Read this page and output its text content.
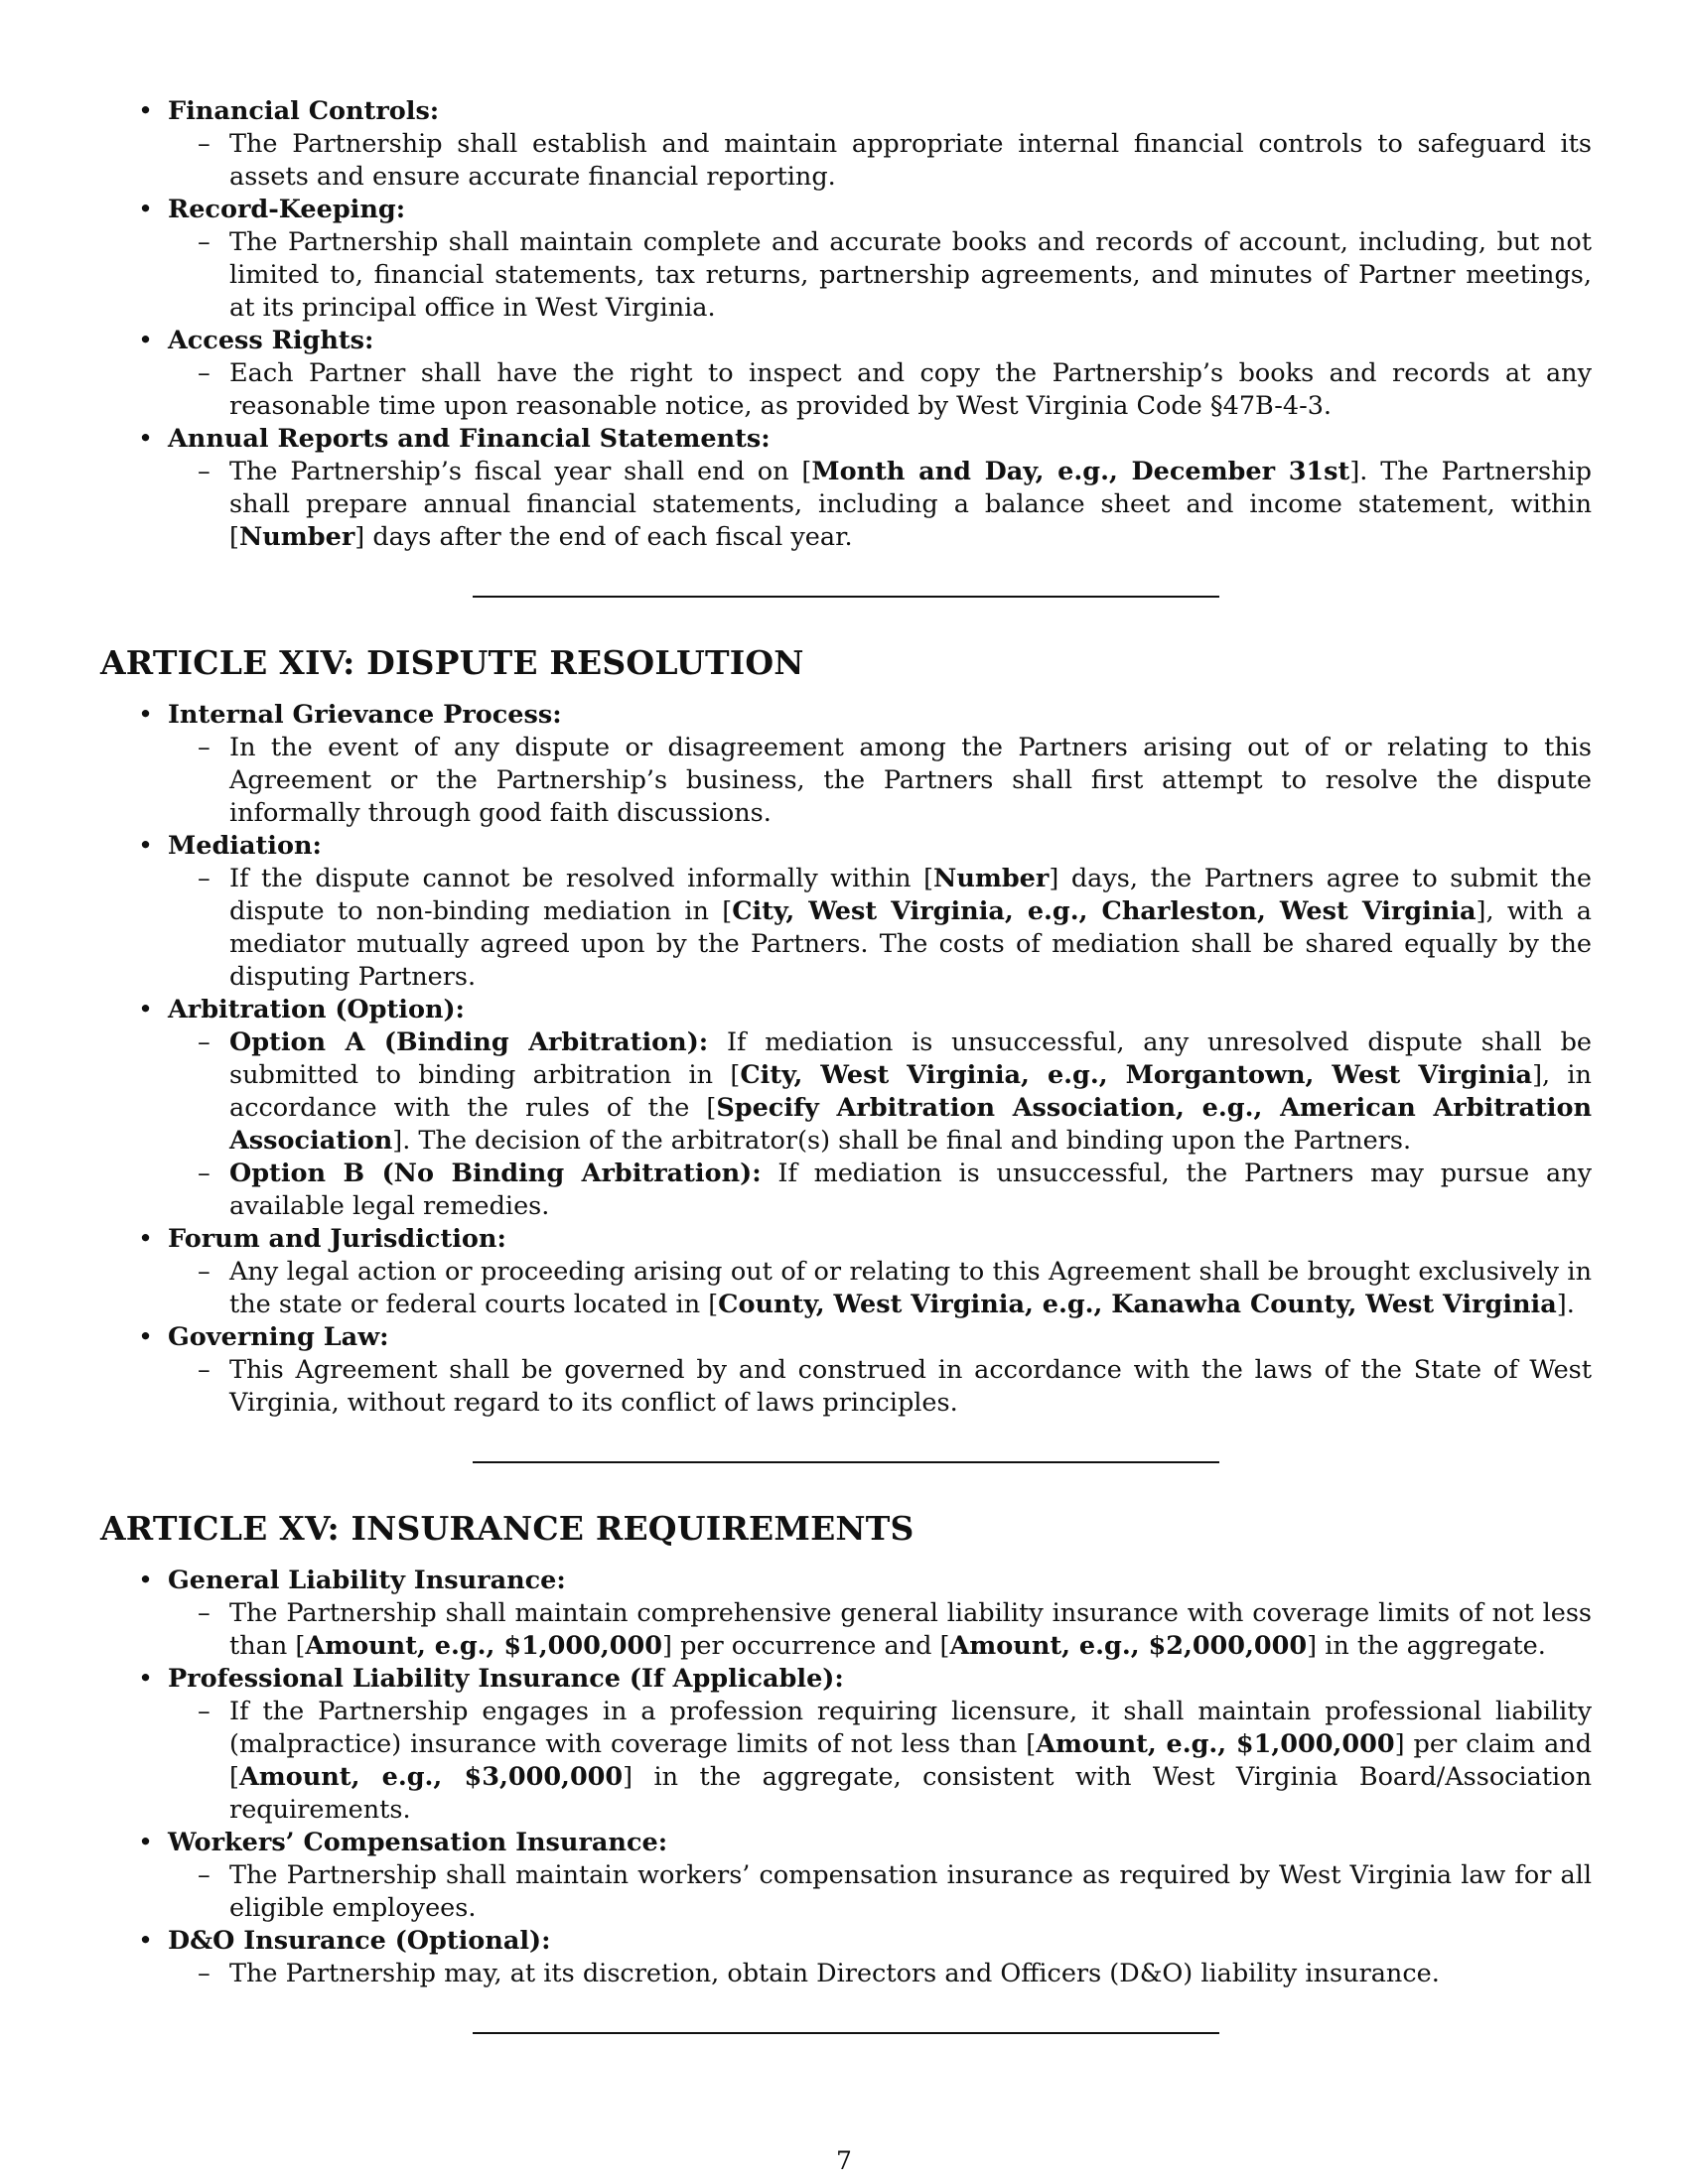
• Financial Controls:
– The Partnership shall establish and maintain appropriate internal financial controls to safeguard its assets and ensure accurate financial reporting.
• Record-Keeping:
– The Partnership shall maintain complete and accurate books and records of account, including, but not limited to, financial statements, tax returns, partnership agreements, and minutes of Partner meetings, at its principal office in West Virginia.
• Access Rights:
– Each Partner shall have the right to inspect and copy the Partnership’s books and records at any reasonable time upon reasonable notice, as provided by West Virginia Code §47B-4-3.
• Annual Reports and Financial Statements:
– The Partnership’s fiscal year shall end on [Month and Day, e.g., December 31st]. The Partnership shall prepare annual financial statements, including a balance sheet and income statement, within [Number] days after the end of each fiscal year.
ARTICLE XIV: DISPUTE RESOLUTION
• Internal Grievance Process:
– In the event of any dispute or disagreement among the Partners arising out of or relating to this Agreement or the Partnership’s business, the Partners shall first attempt to resolve the dispute informally through good faith discussions.
• Mediation:
– If the dispute cannot be resolved informally within [Number] days, the Partners agree to submit the dispute to non-binding mediation in [City, West Virginia, e.g., Charleston, West Virginia], with a mediator mutually agreed upon by the Partners. The costs of mediation shall be shared equally by the disputing Partners.
• Arbitration (Option):
– Option A (Binding Arbitration): If mediation is unsuccessful, any unresolved dispute shall be submitted to binding arbitration in [City, West Virginia, e.g., Morgantown, West Virginia], in accordance with the rules of the [Specify Arbitration Association, e.g., American Arbitration Association]. The decision of the arbitrator(s) shall be final and binding upon the Partners.
– Option B (No Binding Arbitration): If mediation is unsuccessful, the Partners may pursue any available legal remedies.
• Forum and Jurisdiction:
– Any legal action or proceeding arising out of or relating to this Agreement shall be brought exclusively in the state or federal courts located in [County, West Virginia, e.g., Kanawha County, West Virginia].
• Governing Law:
– This Agreement shall be governed by and construed in accordance with the laws of the State of West Virginia, without regard to its conflict of laws principles.
ARTICLE XV: INSURANCE REQUIREMENTS
• General Liability Insurance:
– The Partnership shall maintain comprehensive general liability insurance with coverage limits of not less than [Amount, e.g., $1,000,000] per occurrence and [Amount, e.g., $2,000,000] in the aggregate.
• Professional Liability Insurance (If Applicable):
– If the Partnership engages in a profession requiring licensure, it shall maintain professional liability (malpractice) insurance with coverage limits of not less than [Amount, e.g., $1,000,000] per claim and [Amount, e.g., $3,000,000] in the aggregate, consistent with West Virginia Board/Association requirements.
• Workers’ Compensation Insurance:
– The Partnership shall maintain workers’ compensation insurance as required by West Virginia law for all eligible employees.
• D&O Insurance (Optional):
– The Partnership may, at its discretion, obtain Directors and Officers (D&O) liability insurance.
7
